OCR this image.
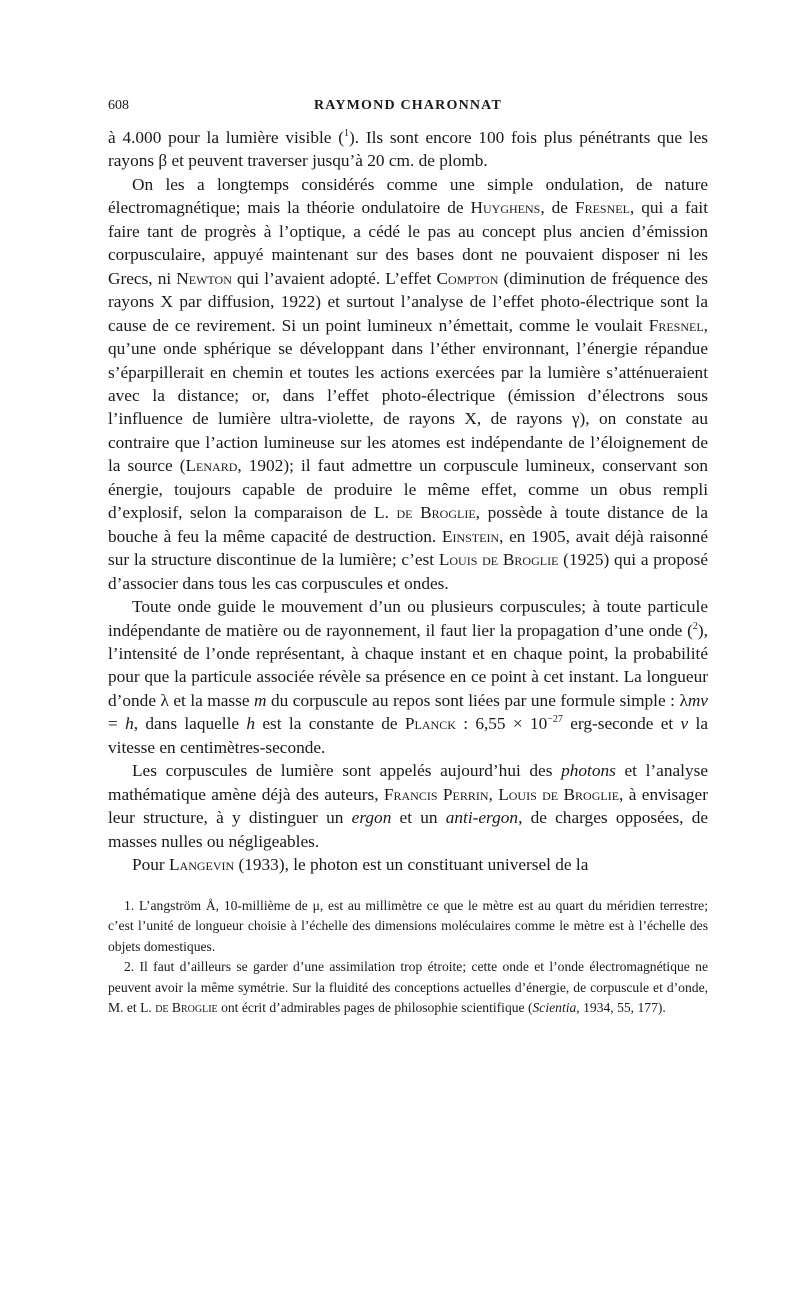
608	RAYMOND CHARONNAT

à 4.000 pour la lumière visible ($^1$). Ils sont encore 100 fois plus pénétrants que les rayons β et peuvent traverser jusqu’à 20 cm. de plomb.

On les a longtemps considérés comme une simple ondulation, de nature électromagnétique; mais la théorie ondulatoire de Huyghens, de Fresnel, qui a fait faire tant de progrès à l’optique, a cédé le pas au concept plus ancien d’émission corpusculaire, appuyé maintenant sur des bases dont ne pouvaient disposer ni les Grecs, ni Newton qui l’avaient adopté. L’effet Compton (diminution de fréquence des rayons X par diffusion, 1922) et surtout l’analyse de l’effet photo-électrique sont la cause de ce revirement. Si un point lumineux n’émettait, comme le voulait Fresnel, qu’une onde sphérique se développant dans l’éther environnant, l’énergie répandue s’éparpillerait en chemin et toutes les actions exercées par la lumière s’atténueraient avec la distance; or, dans l’effet photo-électrique (émission d’électrons sous l’influence de lumière ultra-violette, de rayons X, de rayons γ), on constate au contraire que l’action lumineuse sur les atomes est indépendante de l’éloignement de la source (Lenard, 1902); il faut admettre un corpuscule lumineux, conservant son énergie, toujours capable de produire le même effet, comme un obus rempli d’explosif, selon la comparaison de L. de Broglie, possède à toute distance de la bouche à feu la même capacité de destruction. Einstein, en 1905, avait déjà raisonné sur la structure discontinue de la lumière; c’est Louis de Broglie (1925) qui a proposé d’associer dans tous les cas corpuscules et ondes.

Toute onde guide le mouvement d’un ou plusieurs corpuscules; à toute particule indépendante de matière ou de rayonnement, il faut lier la propagation d’une onde ($^2$), l’intensité de l’onde représentant, à chaque instant et en chaque point, la probabilité pour que la particule associée révèle sa présence en ce point à cet instant. La longueur d’onde λ et la masse m du corpuscule au repos sont liées par une formule simple : λmv = h, dans laquelle h est la constante de Planck : $6,55 \times 10^{-27}$ erg-seconde et v la vitesse en centimètres-seconde.

Les corpuscules de lumière sont appelés aujourd’hui des photons et l’analyse mathématique amène déjà des auteurs, Francis Perrin, Louis de Broglie, à envisager leur structure, à y distinguer un ergon et un anti-ergon, de charges opposées, de masses nulles ou négligeables.

Pour Langevin (1933), le photon est un constituant universel de la

1. L’angström Å, 10-millième de μ, est au millimètre ce que le mètre est au quart du méridien terrestre; c’est l’unité de longueur choisie à l’échelle des dimensions moléculaires comme le mètre est à l’échelle des objets domestiques.

2. Il faut d’ailleurs se garder d’une assimilation trop étroite; cette onde et l’onde électromagnétique ne peuvent avoir la même symétrie. Sur la fluidité des conceptions actuelles d’énergie, de corpuscule et d’onde, M. et L. de Broglie ont écrit d’admirables pages de philosophie scientifique (Scientia, 1934, 55, 177).
